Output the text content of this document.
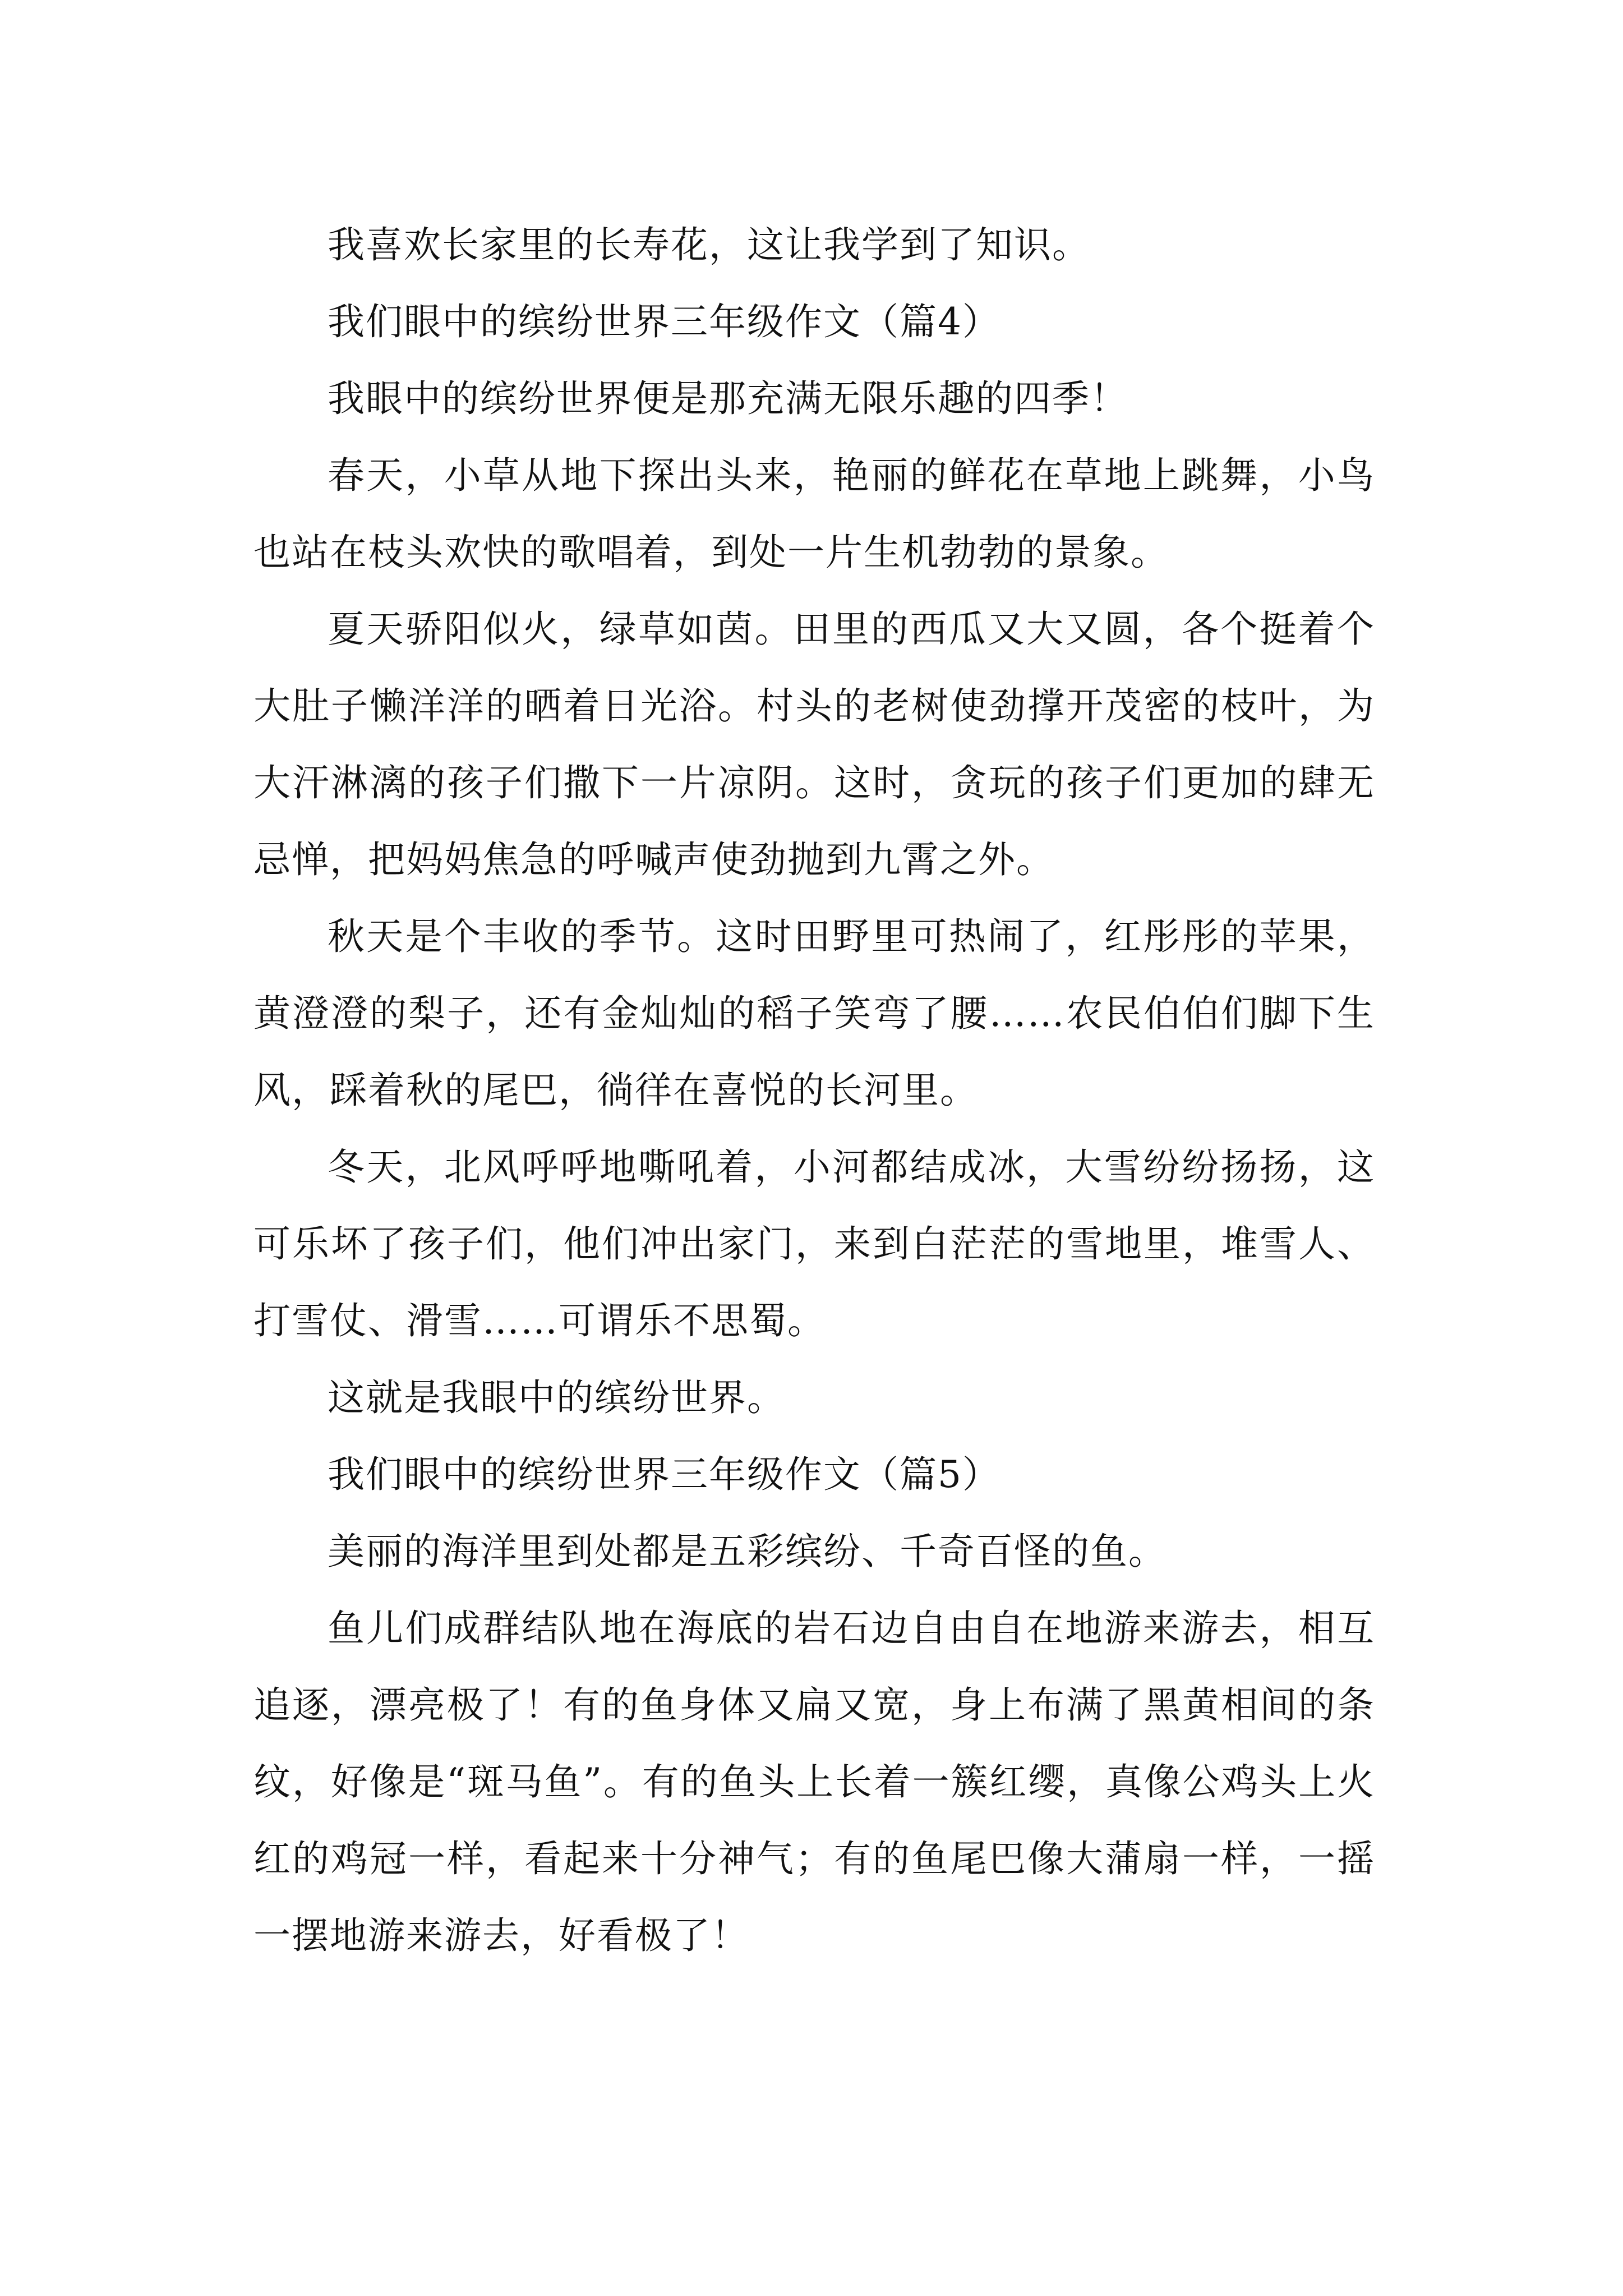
我喜欢长家里的长寿花，这让我学到了知识。

我们眼中的缤纷世界三年级作文（篇4）

我眼中的缤纷世界便是那充满无限乐趣的四季！

春天，小草从地下探出头来，艳丽的鲜花在草地上跳舞，小鸟也站在枝头欢快的歌唱着，到处一片生机勃勃的景象。

夏天骄阳似火，绿草如茵。田里的西瓜又大又圆，各个挺着个大肚子懒洋洋的晒着日光浴。村头的老树使劲撑开茂密的枝叶，为大汗淋漓的孩子们撒下一片凉阴。这时，贪玩的孩子们更加的肆无忌惮，把妈妈焦急的呼喊声使劲抛到九霄之外。

秋天是个丰收的季节。这时田野里可热闹了，红彤彤的苹果，黄澄澄的梨子，还有金灿灿的稻子笑弯了腰……农民伯伯们脚下生风，踩着秋的尾巴，徜徉在喜悦的长河里。

冬天，北风呼呼地嘶吼着，小河都结成冰，大雪纷纷扬扬，这可乐坏了孩子们，他们冲出家门，来到白茫茫的雪地里，堆雪人、打雪仗、滑雪……可谓乐不思蜀。

这就是我眼中的缤纷世界。

我们眼中的缤纷世界三年级作文（篇5）

美丽的海洋里到处都是五彩缤纷、千奇百怪的鱼。

鱼儿们成群结队地在海底的岩石边自由自在地游来游去，相互追逐，漂亮极了！有的鱼身体又扁又宽，身上布满了黑黄相间的条纹，好像是“斑马鱼”。有的鱼头上长着一簇红缨，真像公鸡头上火红的鸡冠一样，看起来十分神气；有的鱼尾巴像大蒲扇一样，一摇一摆地游来游去，好看极了！
